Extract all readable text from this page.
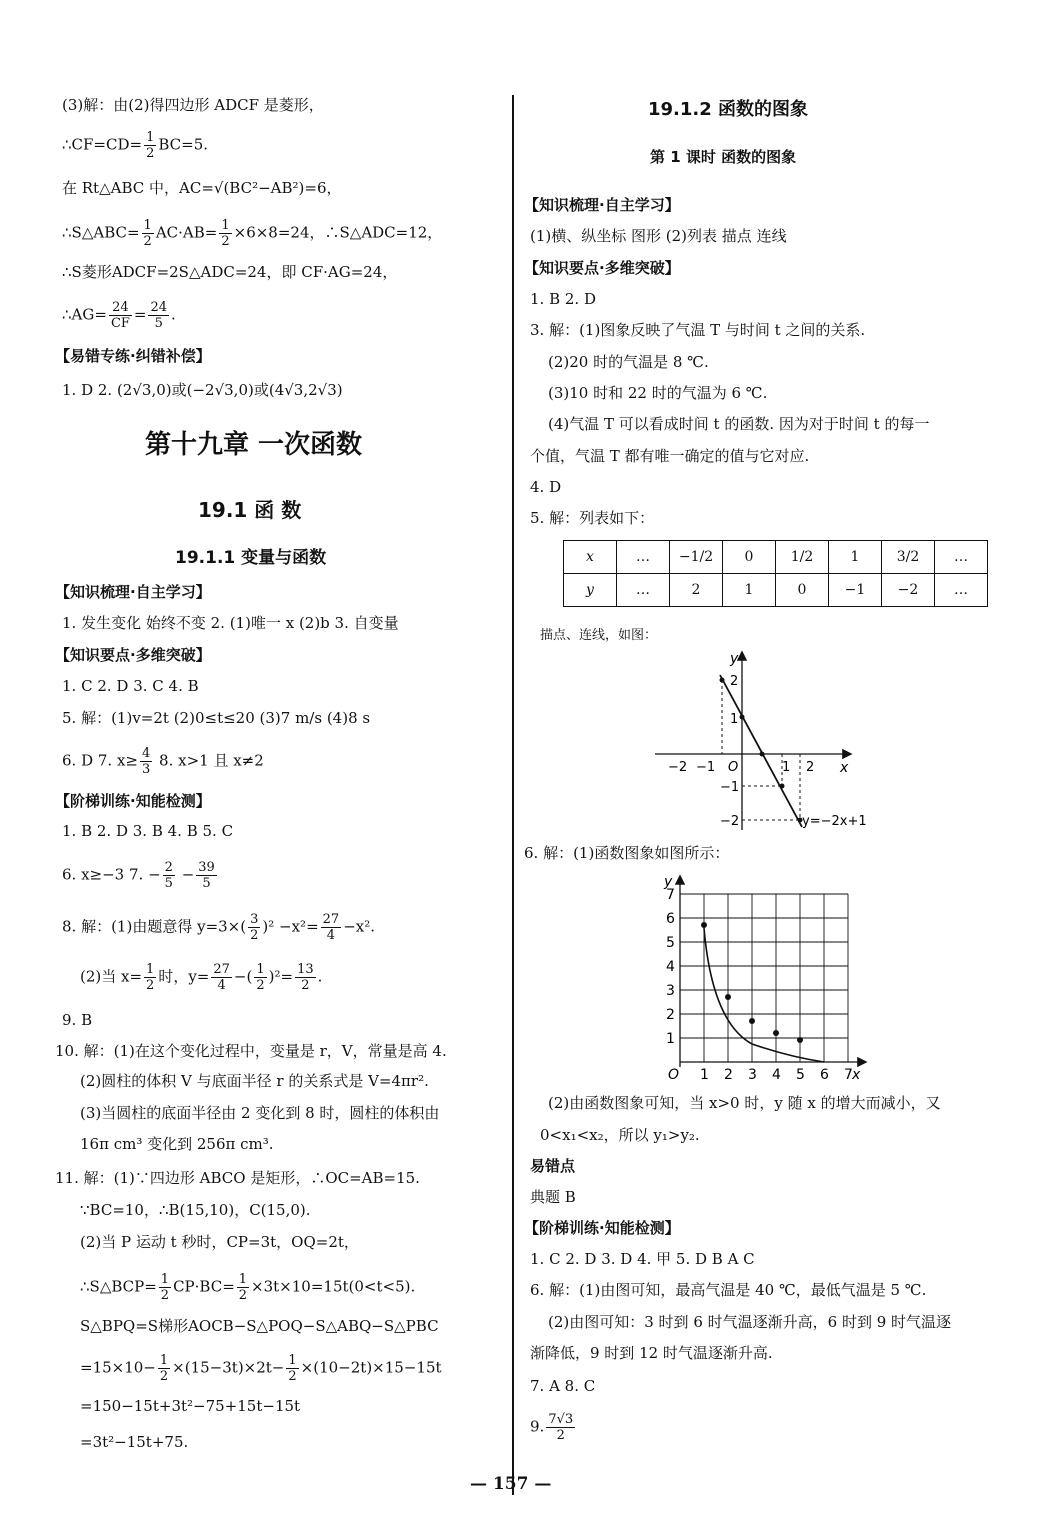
(3)解：由(2)得四边形 ADCF 是菱形，
∴CF=CD= $\frac{1}{2} BC=5$.
在 Rt△ABC 中，AC=√(BC²−AB²)=6，
∴S△ABC= $\frac{1}{2} AC\cdot AB= \frac{1}{2} \times 6\times 8=24$，∴S△ADC=12，
∴S菱形ADCF=2S△ADC=24，即 CF·AG=24，
∴AG= $\frac{24}{CF} = \frac{24}{5}$ .
【易错专练·纠错补偿】
1. D 2. (2√3,0)或(−2√3,0)或(4√3,2√3)
第十九章 一次函数
19.1 函 数
19.1.1 变量与函数
【知识梳理·自主学习】
1. 发生变化 始终不变 2. (1)唯一 x (2)b 3. 自变量
【知识要点·多维突破】
1. C 2. D 3. C 4. B
5. 解：(1)v=2t (2)0≤t≤20 (3)7 m/s (4)8 s
6. D 7. $x\ge \frac{4}{3} 8$. x>1 且 x≠2
【阶梯训练·知能检测】
1. B 2. D 3. B 4. B 5. C
6. x≥−3 7. − $\frac{2}{5} - \frac{39}{5}$
8. 解：(1)由题意得 $y=3\times( \frac{3}{2} )^2 -x^2= \frac{27}{4} -x^2$.
(2)当 $x= \frac{1}{2}$ 时，$y= \frac{27}{4}$ −( $\frac{1}{2} )^2= \frac{13}{2}$ .
9. B
10. 解：(1)在这个变化过程中，变量是 r，V，常量是高 4.
(2)圆柱的体积 V 与底面半径 r 的关系式是 V=4πr².
(3)当圆柱的底面半径由 2 变化到 8 时，圆柱的体积由
16π cm³ 变化到 256π cm³.
11. 解：(1)∵四边形 ABCO 是矩形，∴OC=AB=15.
∵BC=10，∴B(15,10)，C(15,0).
(2)当 P 运动 t 秒时，CP=3t，OQ=2t，
∴S△BCP= $\frac{1}{2} CP\cdot BC= \frac{1}{2} \times 3t\times 10=15t(0<t<5)$.
S△BPQ=S梯形AOCB−S△POQ−S△ABQ−S△PBC
$=15\times 10- \frac{1}{2} \times(15-3t)\times 2t- \frac{1}{2} \times(10-2t)\times 15-15t$
=150−15t+3t²−75+15t−15t
=3t²−15t+75.
19.1.2 函数的图象
第 1 课时 函数的图象
【知识梳理·自主学习】
(1)横、纵坐标 图形 (2)列表 描点 连线
【知识要点·多维突破】
1. B 2. D
3. 解：(1)图象反映了气温 T 与时间 t 之间的关系.
(2)20 时的气温是 8 ℃.
(3)10 时和 22 时的气温为 6 ℃.
(4)气温 T 可以看成时间 t 的函数. 因为对于时间 t 的每一
个值，气温 T 都有唯一确定的值与它对应.
4. D
5. 解：列表如下：
x	…	−1/2	0	1/2	1	3/2	…
y	…	2	1	0	−1	−2	…
描点、连线，如图：
x
y
O
−2 −1	1 2
2
1
−1
−2	y=−2x+1
6. 解：(1)函数图象如图所示：
y
x
O 1 2 3 4 5 6 7
1
2
3
4
5
6
7
(2)由函数图象可知，当 x>0 时，y 随 x 的增大而减小，又
0<x₁<x₂，所以 y₁>y₂.
易错点
典题 B
【阶梯训练·知能检测】
1. C 2. D 3. D 4. 甲 5. D B A C
6. 解：(1)由图可知，最高气温是 40 ℃，最低气温是 5 ℃.
(2)由图可知：3 时到 6 时气温逐渐升高，6 时到 9 时气温逐
渐降低，9 时到 12 时气温逐渐升高.
7. A 8. C
9. $\frac{7√3}{2}$
— 157 —
